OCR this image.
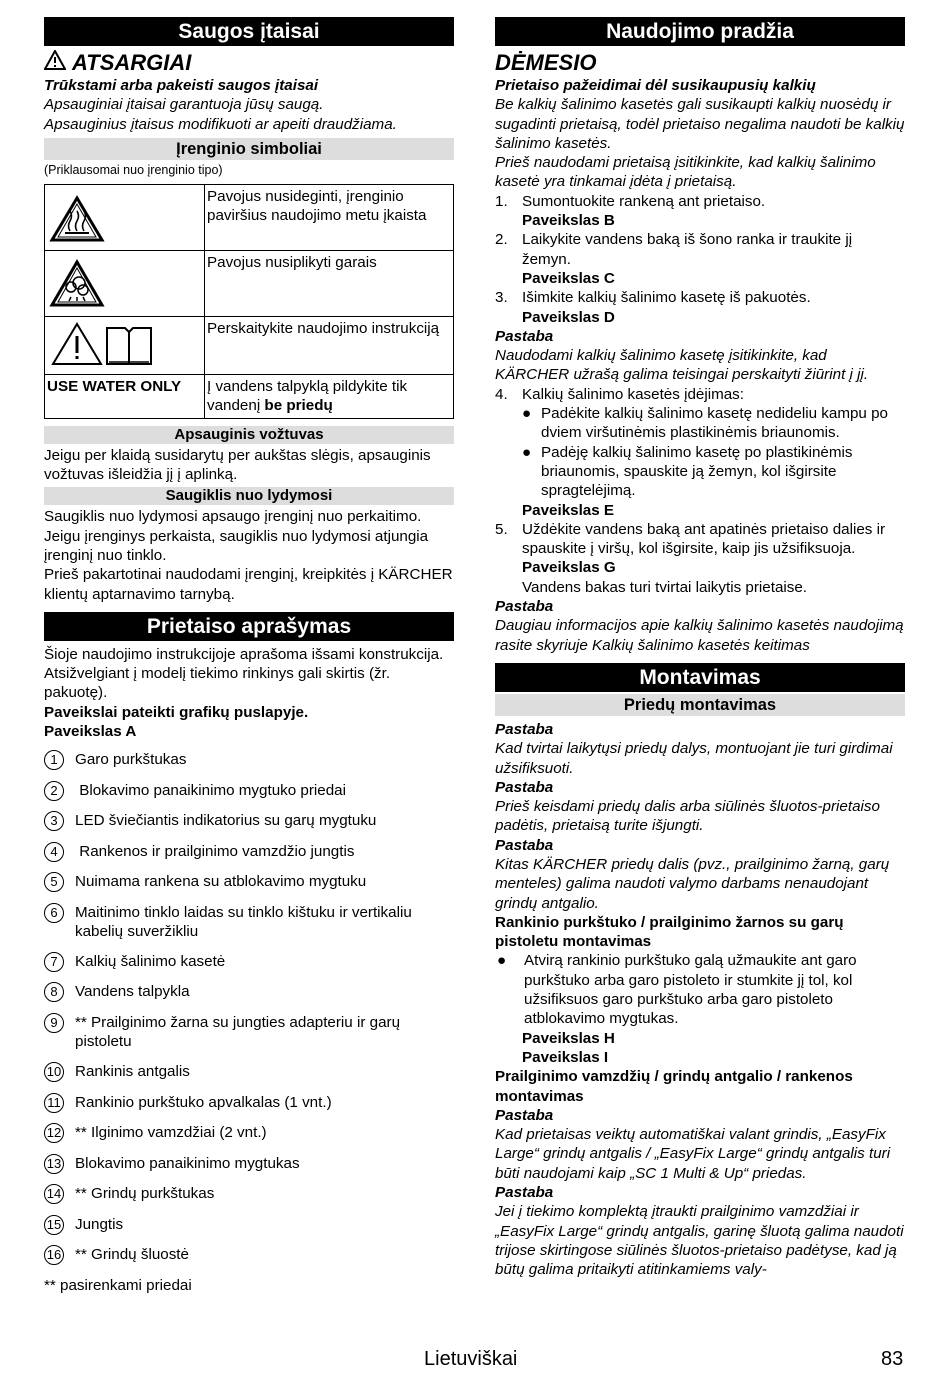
Saugos įtaisai
ATSARGIAI

Trūkstami arba pakeisti saugos įtaisai

Apsauginiai įtaisai garantuoja jūsų saugą.

Apsauginius įtaisus modifikuoti ar apeiti draudžiama.

Įrenginio simboliai

(Priklausomai nuo įrenginio tipo)

	Pavojus nusideginti, įrenginio paviršius naudojimo metu įkaista
	Pavojus nusiplikyti garais
	Perskaitykite naudojimo instrukciją
USE WATER ONLY	Į vandens talpyklą pildykite tik vandenį be priedų
Apsauginis vožtuvas

Jeigu per klaidą susidarytų per aukštas slėgis, apsauginis vožtuvas išleidžia jį į aplinką.

Saugiklis nuo lydymosi

Saugiklis nuo lydymosi apsaugo įrenginį nuo perkaitimo. Jeigu įrenginys perkaista, saugiklis nuo lydymosi atjungia įrenginį nuo tinklo.

Prieš pakartotinai naudodami įrenginį, kreipkitės į KÄRCHER klientų aptarnavimo tarnybą.

Prietaiso aprašymas

Šioje naudojimo instrukcijoje aprašoma išsami konstrukcija. Atsižvelgiant į modelį tiekimo rinkinys gali skirtis (žr. pakuotę).

Paveikslai pateikti grafikų puslapyje.

Paveikslas A

1	Garo purkštukas
2	Blokavimo panaikinimo mygtuko priedai
3	LED šviečiantis indikatorius su garų mygtuku
4	Rankenos ir prailginimo vamzdžio jungtis
5	Nuimama rankena su atblokavimo mygtuku
6	Maitinimo tinklo laidas su tinklo kištuku ir vertikaliu kabelių suveržikliu
7	Kalkių šalinimo kasetė
8	Vandens talpykla
9	** Prailginimo žarna su jungties adapteriu ir garų pistoletu
10 Rankinis antgalis
11 Rankinio purkštuko apvalkalas (1 vnt.)
12 ** Ilginimo vamzdžiai (2 vnt.)
13 Blokavimo panaikinimo mygtukas
14 ** Grindų purkštukas
15 Jungtis
16 ** Grindų šluostė

** pasirenkami priedai

Naudojimo pradžia

DĖMESIO

Prietaiso pažeidimai dėl susikaupusių kalkių

Be kalkių šalinimo kasetės gali susikaupti kalkių nuosėdų ir sugadinti prietaisą, todėl prietaiso negalima naudoti be kalkių šalinimo kasetės.

Prieš naudodami prietaisą įsitikinkite, kad kalkių šalinimo kasetė yra tinkamai įdėta į prietaisą.

1. Sumontuokite rankeną ant prietaiso.

Paveikslas B

2. Laikykite vandens baką iš šono ranka ir traukite jį žemyn.

Paveikslas C

3. Išimkite kalkių šalinimo kasetę iš pakuotės.

Paveikslas D

Pastaba

Naudodami kalkių šalinimo kasetę įsitikinkite, kad KÄRCHER užrašą galima teisingai perskaityti žiūrint į jį.

4. Kalkių šalinimo kasetės įdėjimas:
● Padėkite kalkių šalinimo kasetę nedideliu kampu po dviem viršutinėmis plastikinėmis briaunomis.
● Padėję kalkių šalinimo kasetę po plastikinėmis briaunomis, spauskite ją žemyn, kol išgirsite spragtelėjimą.

Paveikslas E

5. Uždėkite vandens baką ant apatinės prietaiso dalies ir spauskite į viršų, kol išgirsite, kaip jis užsifiksuoja.

Paveikslas G

Vandens bakas turi tvirtai laikytis prietaise.

Pastaba

Daugiau informacijos apie kalkių šalinimo kasetės naudojimą rasite skyriuje Kalkių šalinimo kasetės keitimas

Montavimas
Priedų montavimas

Pastaba

Kad tvirtai laikytųsi priedų dalys, montuojant jie turi girdimai užsifiksuoti.

Pastaba

Prieš keisdami priedų dalis arba siūlinės šluotos-prietaiso padėtis, prietaisą turite išjungti.

Pastaba

Kitas KÄRCHER priedų dalis (pvz., prailginimo žarną, garų menteles) galima naudoti valymo darbams nenaudojant grindų antgalio.

Rankinio purkštuko / prailginimo žarnos su garų pistoletu montavimas

●	Atvirą rankinio purkštuko galą užmaukite ant garo purkštuko arba garo pistoleto ir stumkite jį tol, kol užsifiksuos garo purkštuko arba garo pistoleto atblokavimo mygtukas.

Paveikslas H

Paveikslas I

Prailginimo vamzdžių / grindų antgalio / rankenos montavimas

Pastaba

Kad prietaisas veiktų automatiškai valant grindis, „EasyFix Large“ grindų antgalis / „EasyFix Large“ grindų antgalis turi būti naudojami kaip „SC 1 Multi & Up“ priedas.

Pastaba

Jei į tiekimo komplektą įtraukti prailginimo vamzdžiai ir „EasyFix Large“ grindų antgalis, garinę šluotą galima naudoti trijose skirtingose siūlinės šluotos-prietaiso padėtyse, kad ją būtų galima pritaikyti atitinkamiems valy-

Lietuviškai	83
